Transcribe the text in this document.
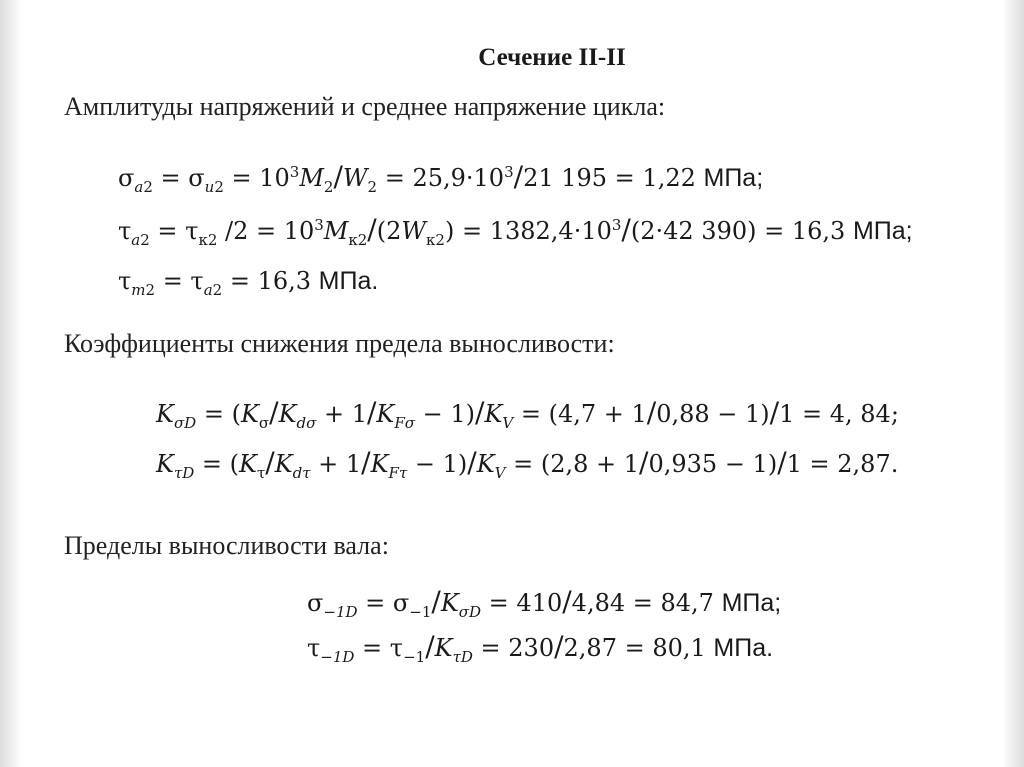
Сечение II-II
Амплитуды напряжений и среднее напряжение цикла:
$\sigma_{a2} = \sigma_{и2} = 10^3M_2/W_2 = 25,9\cdot 10^3/21$ 195 = 1,22 МПа;
$\tau_{a2} = \tau_{к2}$ $/2 = 10^3M_{к2}/(2W_{к2}) = 1382,4\cdot 10^3/(2\cdot 42$ 390) = 16,3 МПа;
$\tau_{m2} = \tau_{a2} = 16,3$ МПа.
Коэффициенты снижения предела выносливости:
$K_{\sigma D} = (K_\sigma/K_{d\sigma} + 1/K_{F\sigma} - 1)/K_V = (4,7 + 1/0,88 - 1)/1 = 4$, 84;
$K_{\tau D} = (K_\tau/K_{d\tau} + 1/K_{F\tau} - 1)/K_V = (2,8 + 1/0,935 - 1)/1 = 2,87$.
Пределы выносливости вала:
$\sigma_{-1D} = \sigma_{-1}/K_{\sigma D} = 410/4,84 = 84,7$ МПа;
$\tau_{-1D} = \tau_{-1}/K_{\tau D} = 230/2,87 = 80,1$ МПа.
